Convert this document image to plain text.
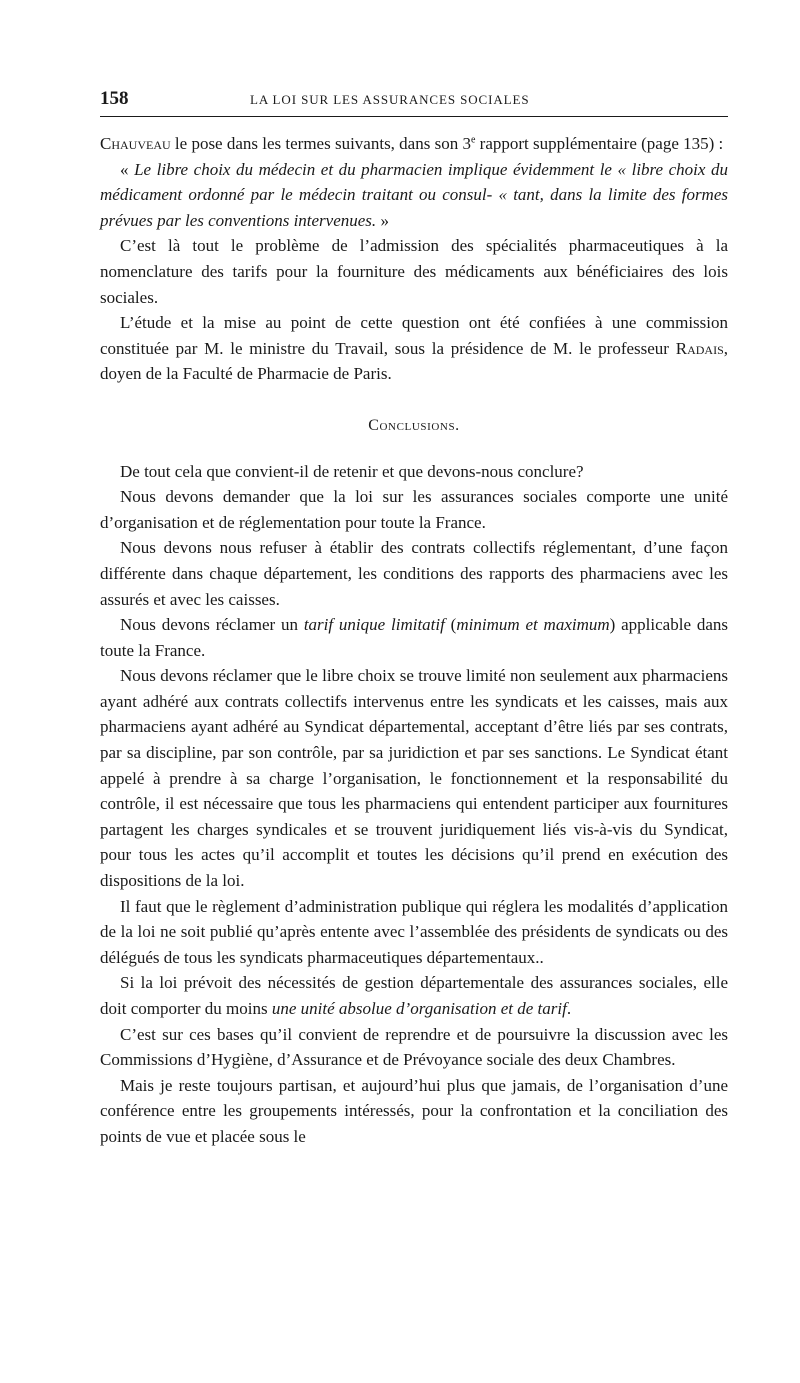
158	LA LOI SUR LES ASSURANCES SOCIALES

Chauveau le pose dans les termes suivants, dans son 3e rapport supplémentaire (page 135) :

« Le libre choix du médecin et du pharmacien implique évidemment le « libre choix du médicament ordonné par le médecin traitant ou consul- « tant, dans la limite des formes prévues par les conventions intervenues. »

C’est là tout le problème de l’admission des spécialités pharmaceutiques à la nomenclature des tarifs pour la fourniture des médicaments aux bénéficiaires des lois sociales.

L’étude et la mise au point de cette question ont été confiées à une commission constituée par M. le ministre du Travail, sous la présidence de M. le professeur Radais, doyen de la Faculté de Pharmacie de Paris.

Conclusions.

De tout cela que convient-il de retenir et que devons-nous conclure?

Nous devons demander que la loi sur les assurances sociales comporte une unité d’organisation et de réglementation pour toute la France.

Nous devons nous refuser à établir des contrats collectifs réglementant, d’une façon différente dans chaque département, les conditions des rapports des pharmaciens avec les assurés et avec les caisses.

Nous devons réclamer un tarif unique limitatif (minimum et maximum) applicable dans toute la France.

Nous devons réclamer que le libre choix se trouve limité non seulement aux pharmaciens ayant adhéré aux contrats collectifs intervenus entre les syndicats et les caisses, mais aux pharmaciens ayant adhéré au Syndicat départemental, acceptant d’être liés par ses contrats, par sa discipline, par son contrôle, par sa juridiction et par ses sanctions. Le Syndicat étant appelé à prendre à sa charge l’organisation, le fonctionnement et la responsabilité du contrôle, il est nécessaire que tous les pharmaciens qui entendent participer aux fournitures partagent les charges syndicales et se trouvent juridiquement liés vis-à-vis du Syndicat, pour tous les actes qu’il accomplit et toutes les décisions qu’il prend en exécution des dispositions de la loi.

Il faut que le règlement d’administration publique qui réglera les modalités d’application de la loi ne soit publié qu’après entente avec l’assemblée des présidents de syndicats ou des délégués de tous les syndicats pharmaceutiques départementaux..

Si la loi prévoit des nécessités de gestion départementale des assurances sociales, elle doit comporter du moins une unité absolue d’organisation et de tarif.

C’est sur ces bases qu’il convient de reprendre et de poursuivre la discussion avec les Commissions d’Hygiène, d’Assurance et de Prévoyance sociale des deux Chambres.

Mais je reste toujours partisan, et aujourd’hui plus que jamais, de l’organisation d’une conférence entre les groupements intéressés, pour la confrontation et la conciliation des points de vue et placée sous le
